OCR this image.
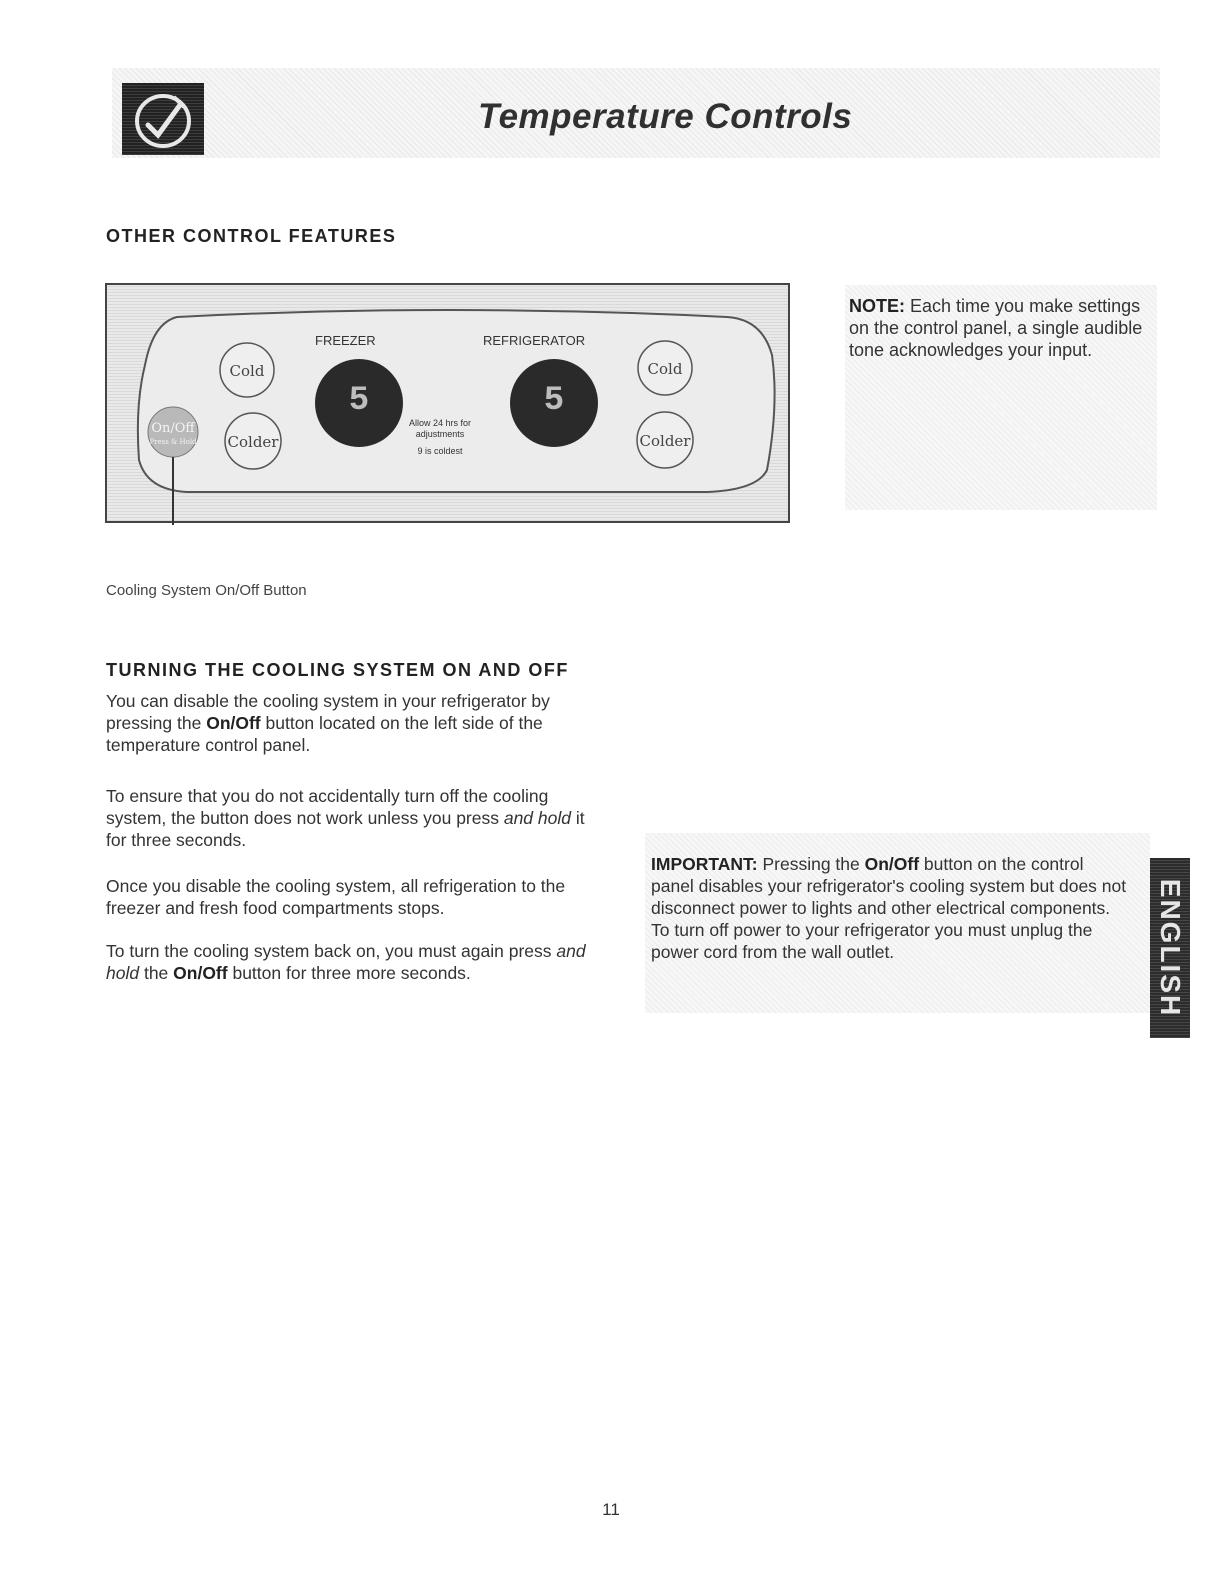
Temperature Controls
OTHER CONTROL FEATURES
FREEZER	REFRIGERATOR
5	5
Cold	Cold
Colder	Colder
On/Off
Press & Hold
Allow 24 hrs for
adjustments
9 is coldest
Cooling System On/Off Button
NOTE: Each time you make settings on the control panel, a single audible tone acknowledges your input.
TURNING THE COOLING SYSTEM ON AND OFF
You can disable the cooling system in your refrigerator by pressing the On/Off button located on the left side of the temperature control panel.
To ensure that you do not accidentally turn off the cooling system, the button does not work unless you press and hold it for three seconds.
Once you disable the cooling system, all refrigeration to the freezer and fresh food compartments stops.
To turn the cooling system back on, you must again press and hold the On/Off button for three more seconds.
IMPORTANT: Pressing the On/Off button on the control panel disables your refrigerator's cooling system but does not disconnect power to lights and other electrical components. To turn off power to your refrigerator you must unplug the power cord from the wall outlet.	ENGLISH
11
